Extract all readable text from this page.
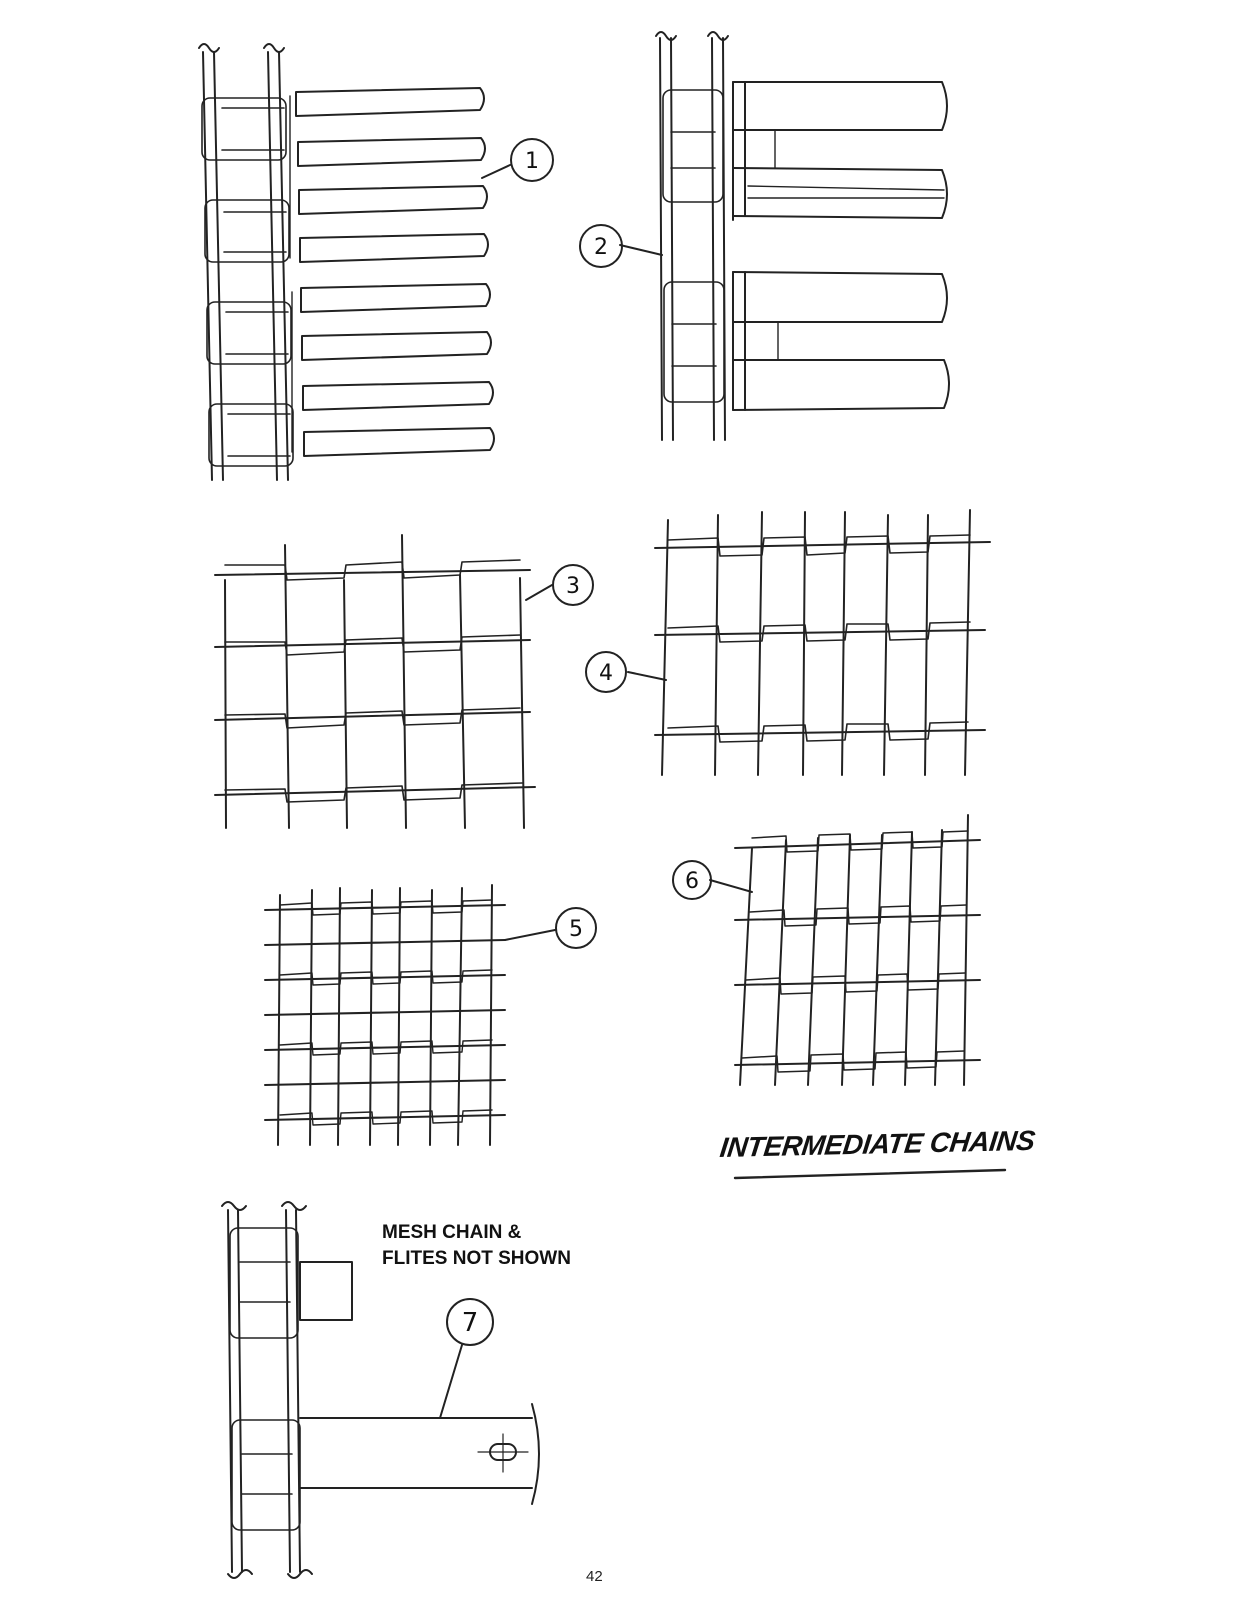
1
2
3
4
5
6
7
INTERMEDIATE CHAINS
MESH CHAIN &
FLITES NOT SHOWN
42
